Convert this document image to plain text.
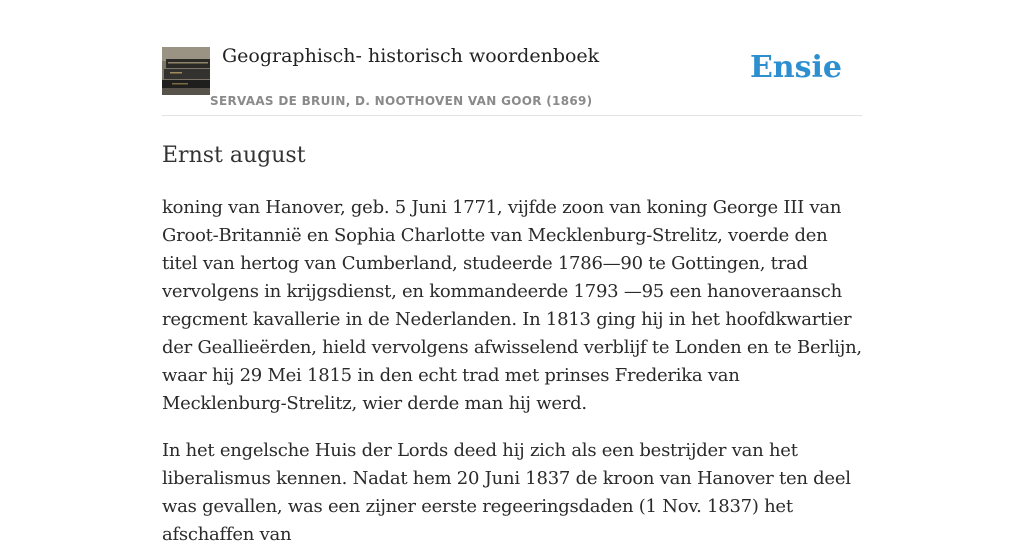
Geographisch- historisch woordenboek
SERVAAS DE BRUIN, D. NOOTHOVEN VAN GOOR (1869)
Ensie
Ernst august

koning van Hanover, geb. 5 Juni 1771, vijfde zoon van koning George III van Groot-Britannië en Sophia Charlotte van Mecklenburg-Strelitz, voerde den titel van hertog van Cumberland, studeerde 1786—90 te Gottingen, trad vervolgens in krijgsdienst, en kommandeerde 1793 —95 een hanoveraansch regcment kavallerie in de Nederlanden. In 1813 ging hij in het hoofdkwartier der Geallieërden, hield vervolgens afwisselend verblijf te Londen en te Berlijn, waar hij 29 Mei 1815 in den echt trad met prinses Frederika van Mecklenburg-Strelitz, wier derde man hij werd.

In het engelsche Huis der Lords deed hij zich als een bestrijder van het liberalismus kennen. Nadat hem 20 Juni 1837 de kroon van Hanover ten deel was gevallen, was een zijner eerste regeeringsdaden (1 Nov. 1837) het afschaffen van
